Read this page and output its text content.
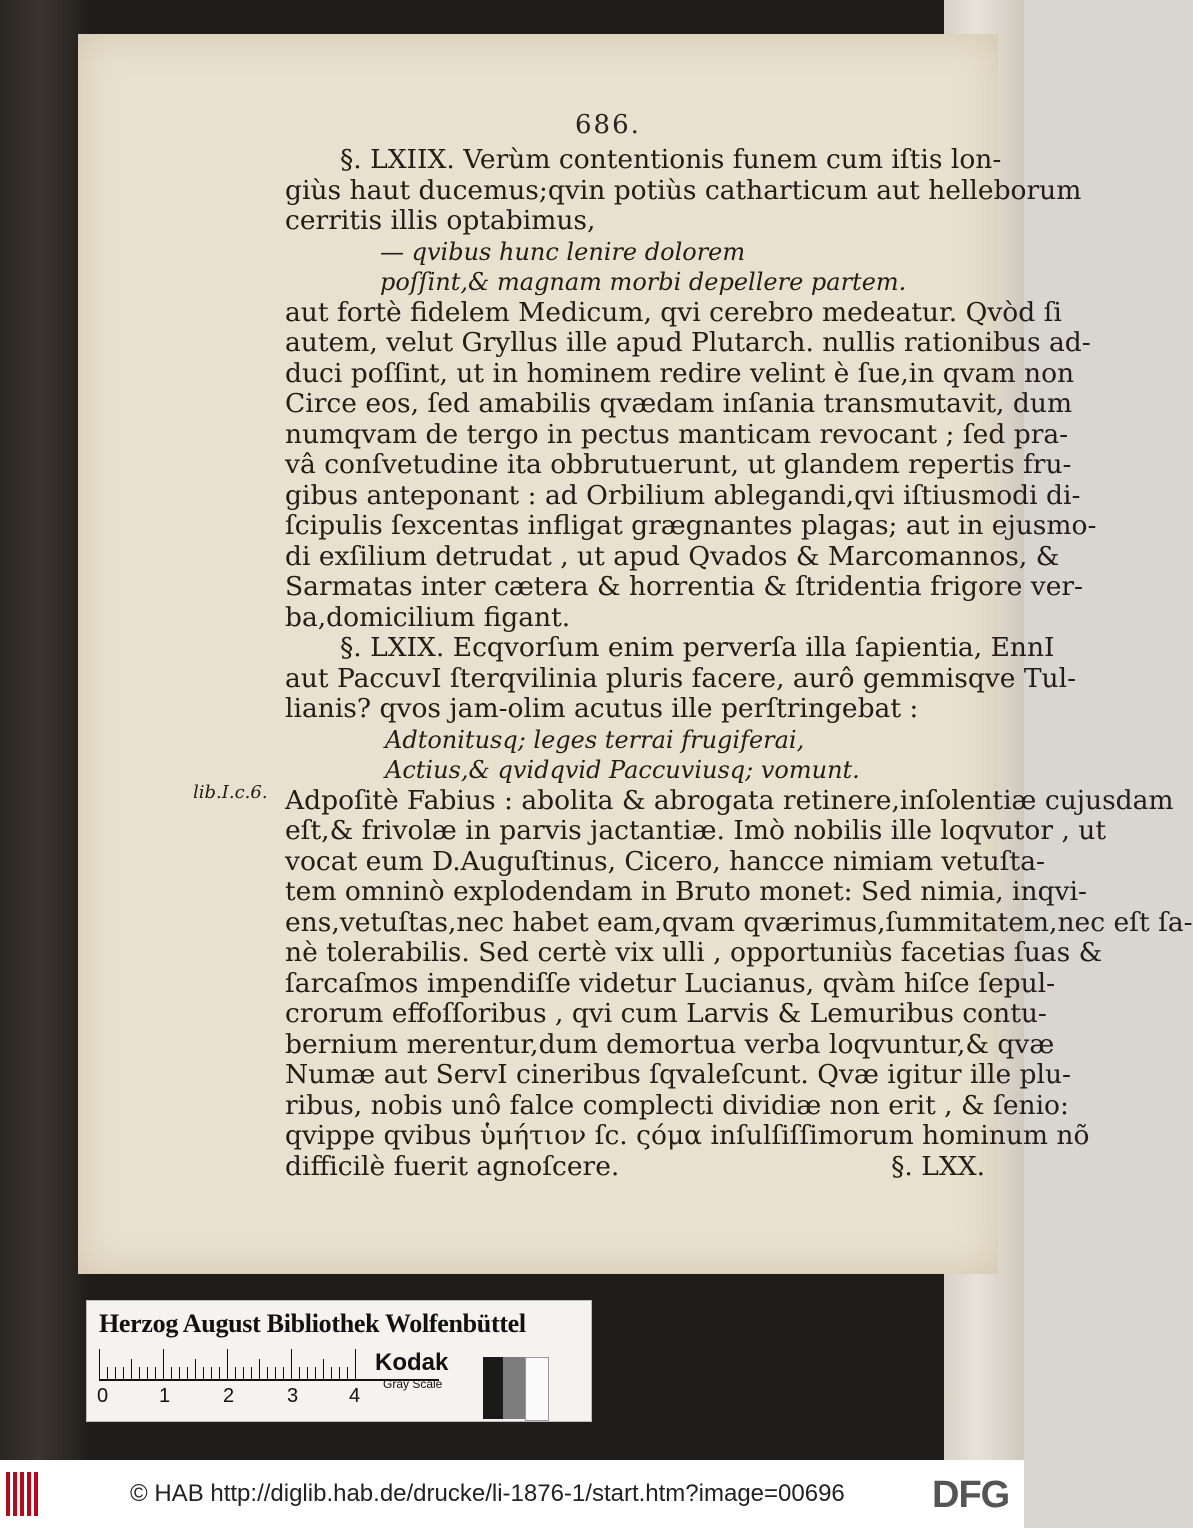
686.
lib.I.c.6.

§. LXIIX. Verùm contentionis funem cum iſtis lon-

giùs haut ducemus;qvin potiùs catharticum aut helleborum

cerritis illis optabimus,

— qvibus hunc lenire dolorem

poſſint,& magnam morbi depellere partem.

aut fortè fidelem Medicum, qvi cerebro medeatur. Qvòd ſi

autem, velut Gryllus ille apud Plutarch. nullis rationibus ad-

duci poſſint, ut in hominem redire velint è ſue,in qvam non

Circe eos, ſed amabilis qvædam inſania transmutavit, dum

numqvam de tergo in pectus manticam revocant ; ſed pra-

vâ conſvetudine ita obbrutuerunt, ut glandem repertis fru-

gibus anteponant : ad Orbilium ablegandi,qvi iſtiusmodi di-

ſcipulis ſexcentas infligat grægnantes plagas; aut in ejusmo-

di exſilium detrudat , ut apud Qvados & Marcomannos, &

Sarmatas inter cætera & horrentia & ſtridentia frigore ver-

ba,domicilium figant.

§. LXIX. Ecqvorſum enim perverſa illa ſapientia, EnnI

aut PaccuvI ſterqvilinia pluris facere, aurô gemmisqve Tul-

lianis? qvos jam-olim acutus ille perſtringebat :

Adtonitusq; leges terrai frugiferai,

Actius,& qvidqvid Paccuviusq; vomunt.

Adpoſitè Fabius : abolita & abrogata retinere,inſolentiæ cujusdam

eſt,& frivolæ in parvis jactantiæ. Imò nobilis ille loqvutor , ut

vocat eum D.Auguſtinus, Cicero, hancce nimiam vetuſta-

tem omninò explodendam in Bruto monet: Sed nimia, inqvi-

ens,vetuſtas,nec habet eam,qvam qværimus,ſummitatem,nec eſt ſa-

nè tolerabilis. Sed certè vix ulli , opportuniùs facetias ſuas &

ſarcaſmos impendiſſe videtur Lucianus, qvàm hiſce ſepul-

crorum effoſſoribus , qvi cum Larvis & Lemuribus contu-

bernium merentur,dum demortua verba loqvuntur,& qvæ

Numæ aut ServI cineribus ſqvaleſcunt. Qvæ igitur ille plu-

ribus, nobis unô falce complecti dividiæ non erit , & ſenio:

qvippe qvibus ὑμήτιον ſc. ςόμα inſulſiſſimorum hominum nõ

difficilè fuerit agnoſcere.	§. LXX.

Herzog August Bibliothek Wolfenbüttel
0	1	2	3	4
Kodak
Gray Scale
© HAB http://diglib.hab.de/drucke/li-1876-1/start.htm?image=00696 DFG
